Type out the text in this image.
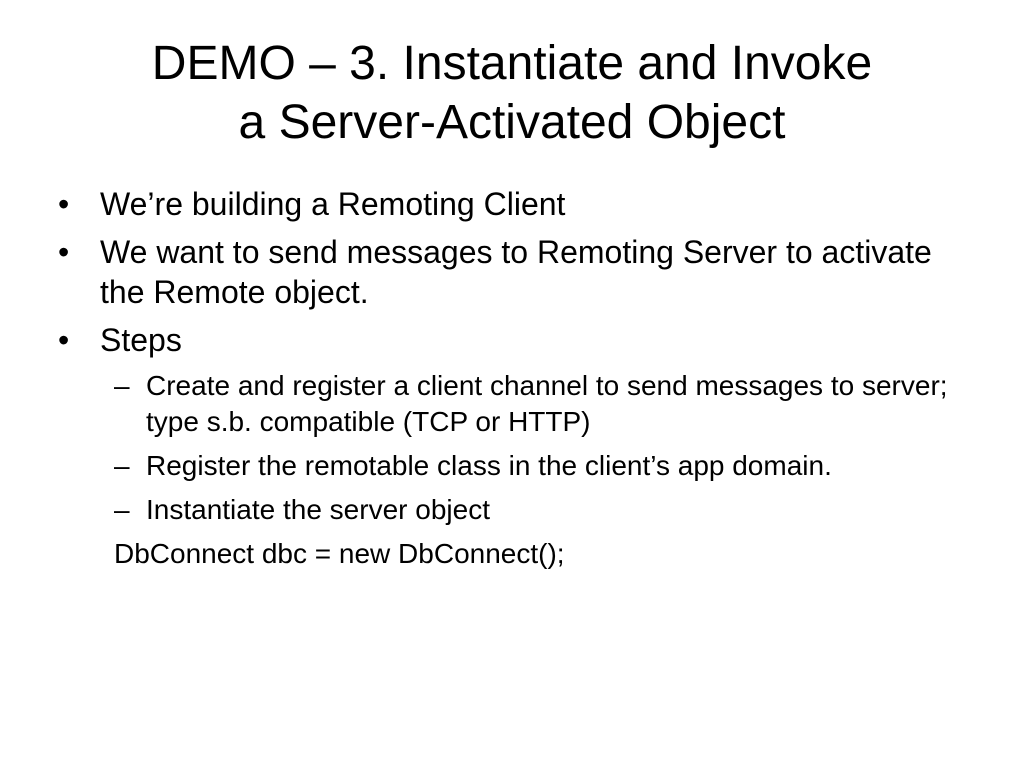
DEMO – 3. Instantiate and Invoke
a Server-Activated Object
• We’re building a Remoting Client
• We want to send messages to Remoting Server to activate the Remote object.
• Steps
– Create and register a client channel to send messages to server; type s.b. compatible (TCP or HTTP)
– Register the remotable class in the client’s app domain.
– Instantiate the server object
DbConnect dbc = new DbConnect();
